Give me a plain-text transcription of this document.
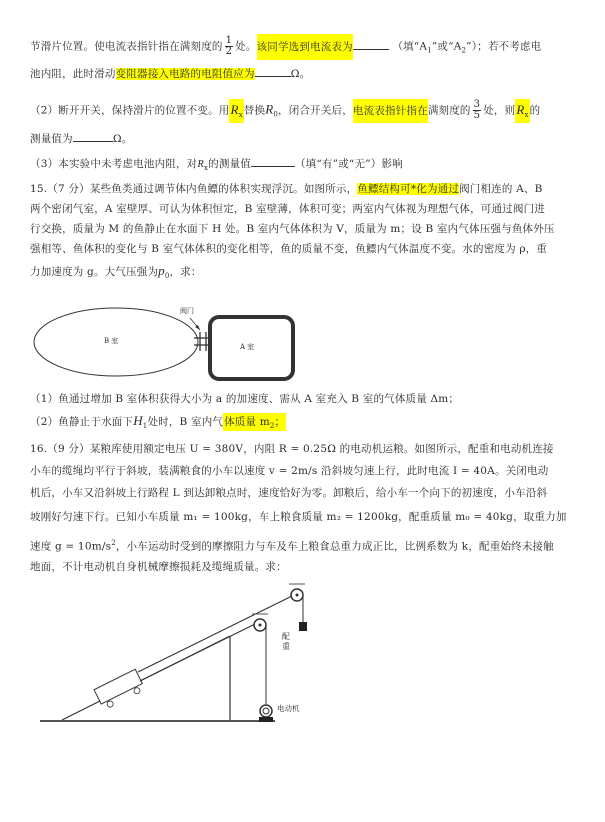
节滑片位置。使电流表指针指在满刻度的 $\frac{1}{2}$ 处。该同学选到电流表为	（填“$A_1$”或“$A_2$”）；若不考虑电
池内阻，此时滑动变阻器接入电路的电阻值应为	Ω。
（2）断开开关，保持滑片的位置不变。用$R_x$替换$R_0$，闭合开关后，电流表指针指在满刻度的 $\frac{3}{5}$ 处，则$R_x$的
测量值为	Ω。
（3）本实验中未考虑电池内阻，对$R_x$的测量值	（填“有”或“无”）影响
15.（7 分）某些鱼类通过调节体内鱼鳔的体积实现浮沉。如图所示，鱼鳔结构可*化为通过阀门相连的 A、B
两个密闭气室，A 室壁厚、可认为体积恒定，B 室壁薄，体积可变；两室内气体视为理想气体，可通过阀门进
行交换，质量为 M 的鱼静止在水面下 H 处。B 室内气体体积为 V，质量为 m；设 B 室内气体压强与鱼体外压
强相等、鱼体积的变化与 B 室气体体积的变化相等，鱼的质量不变，鱼鳔内气体温度不变。水的密度为 ρ，重
力加速度为 g。大气压强为$p_0$，求：
B 室
A 室
阀门
（1）鱼通过增加 B 室体积获得大小为 a 的加速度、需从 A 室充入 B 室的气体质量 Δm；
（2）鱼静止于水面下$H_1$处时，B 室内气体质量 $m_2$；
16.（9 分）某粮库使用额定电压 U = 380V，内阻 R = 0.25Ω 的电动机运粮。如图所示，配重和电动机连接
小车的缆绳均平行于斜坡，装满粮食的小车以速度 v = 2m/s 沿斜坡匀速上行，此时电流 I = 40A。关闭电动
机后，小车又沿斜坡上行路程 L 到达卸粮点时，速度恰好为零。卸粮后，给小车一个向下的初速度，小车沿斜
坡刚好匀速下行。已知小车质量 m₁ = 100kg，车上粮食质量 m₂ = 1200kg，配重质量 m₀ = 40kg，取重力加
速度 $g = 10m/s^2$，小车运动时受到的摩擦阻力与车及车上粮食总重力成正比，比例系数为 k，配重始终未接触
地面，不计电动机自身机械摩擦损耗及缆绳质量。求：
配
重
电动机
